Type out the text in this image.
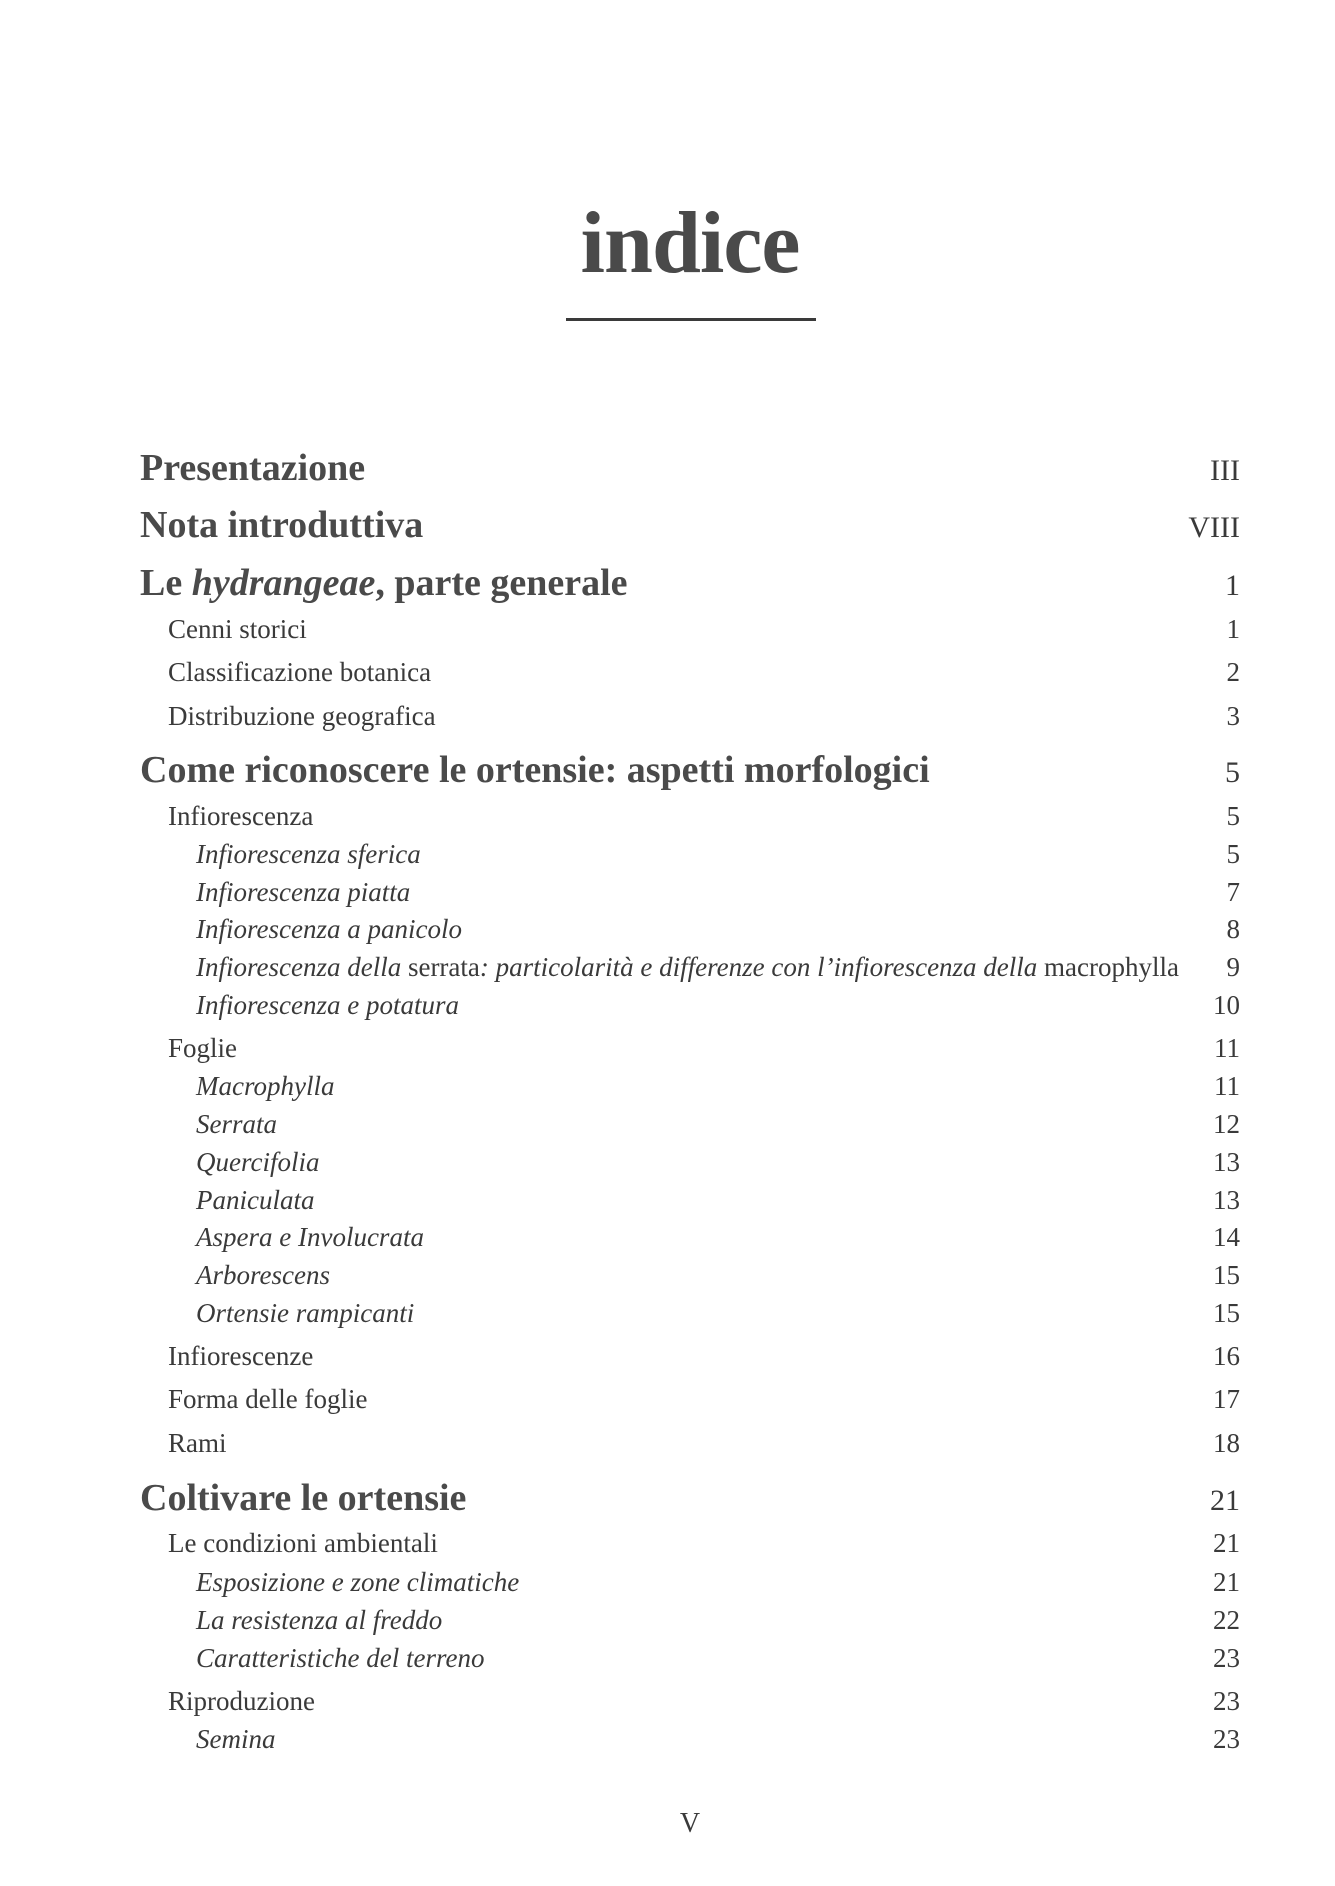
indice
Presentazione	III
Nota introduttiva	VIII
Le hydrangeae, parte generale	1
Cenni storici	1
Classificazione botanica	2
Distribuzione geografica	3
Come riconoscere le ortensie: aspetti morfologici	5
Infiorescenza	5
Infiorescenza sferica	5
Infiorescenza piatta	7
Infiorescenza a panicolo	8
Infiorescenza della serrata: particolarità e differenze con l’infiorescenza della macrophylla 9
Infiorescenza e potatura	10
Foglie	11
Macrophylla	11
Serrata	12
Quercifolia	13
Paniculata	13
Aspera e Involucrata	14
Arborescens	15
Ortensie rampicanti	15
Infiorescenze	16
Forma delle foglie	17
Rami	18
Coltivare le ortensie	21
Le condizioni ambientali	21
Esposizione e zone climatiche	21
La resistenza al freddo	22
Caratteristiche del terreno	23
Riproduzione	23
Semina	23
V
